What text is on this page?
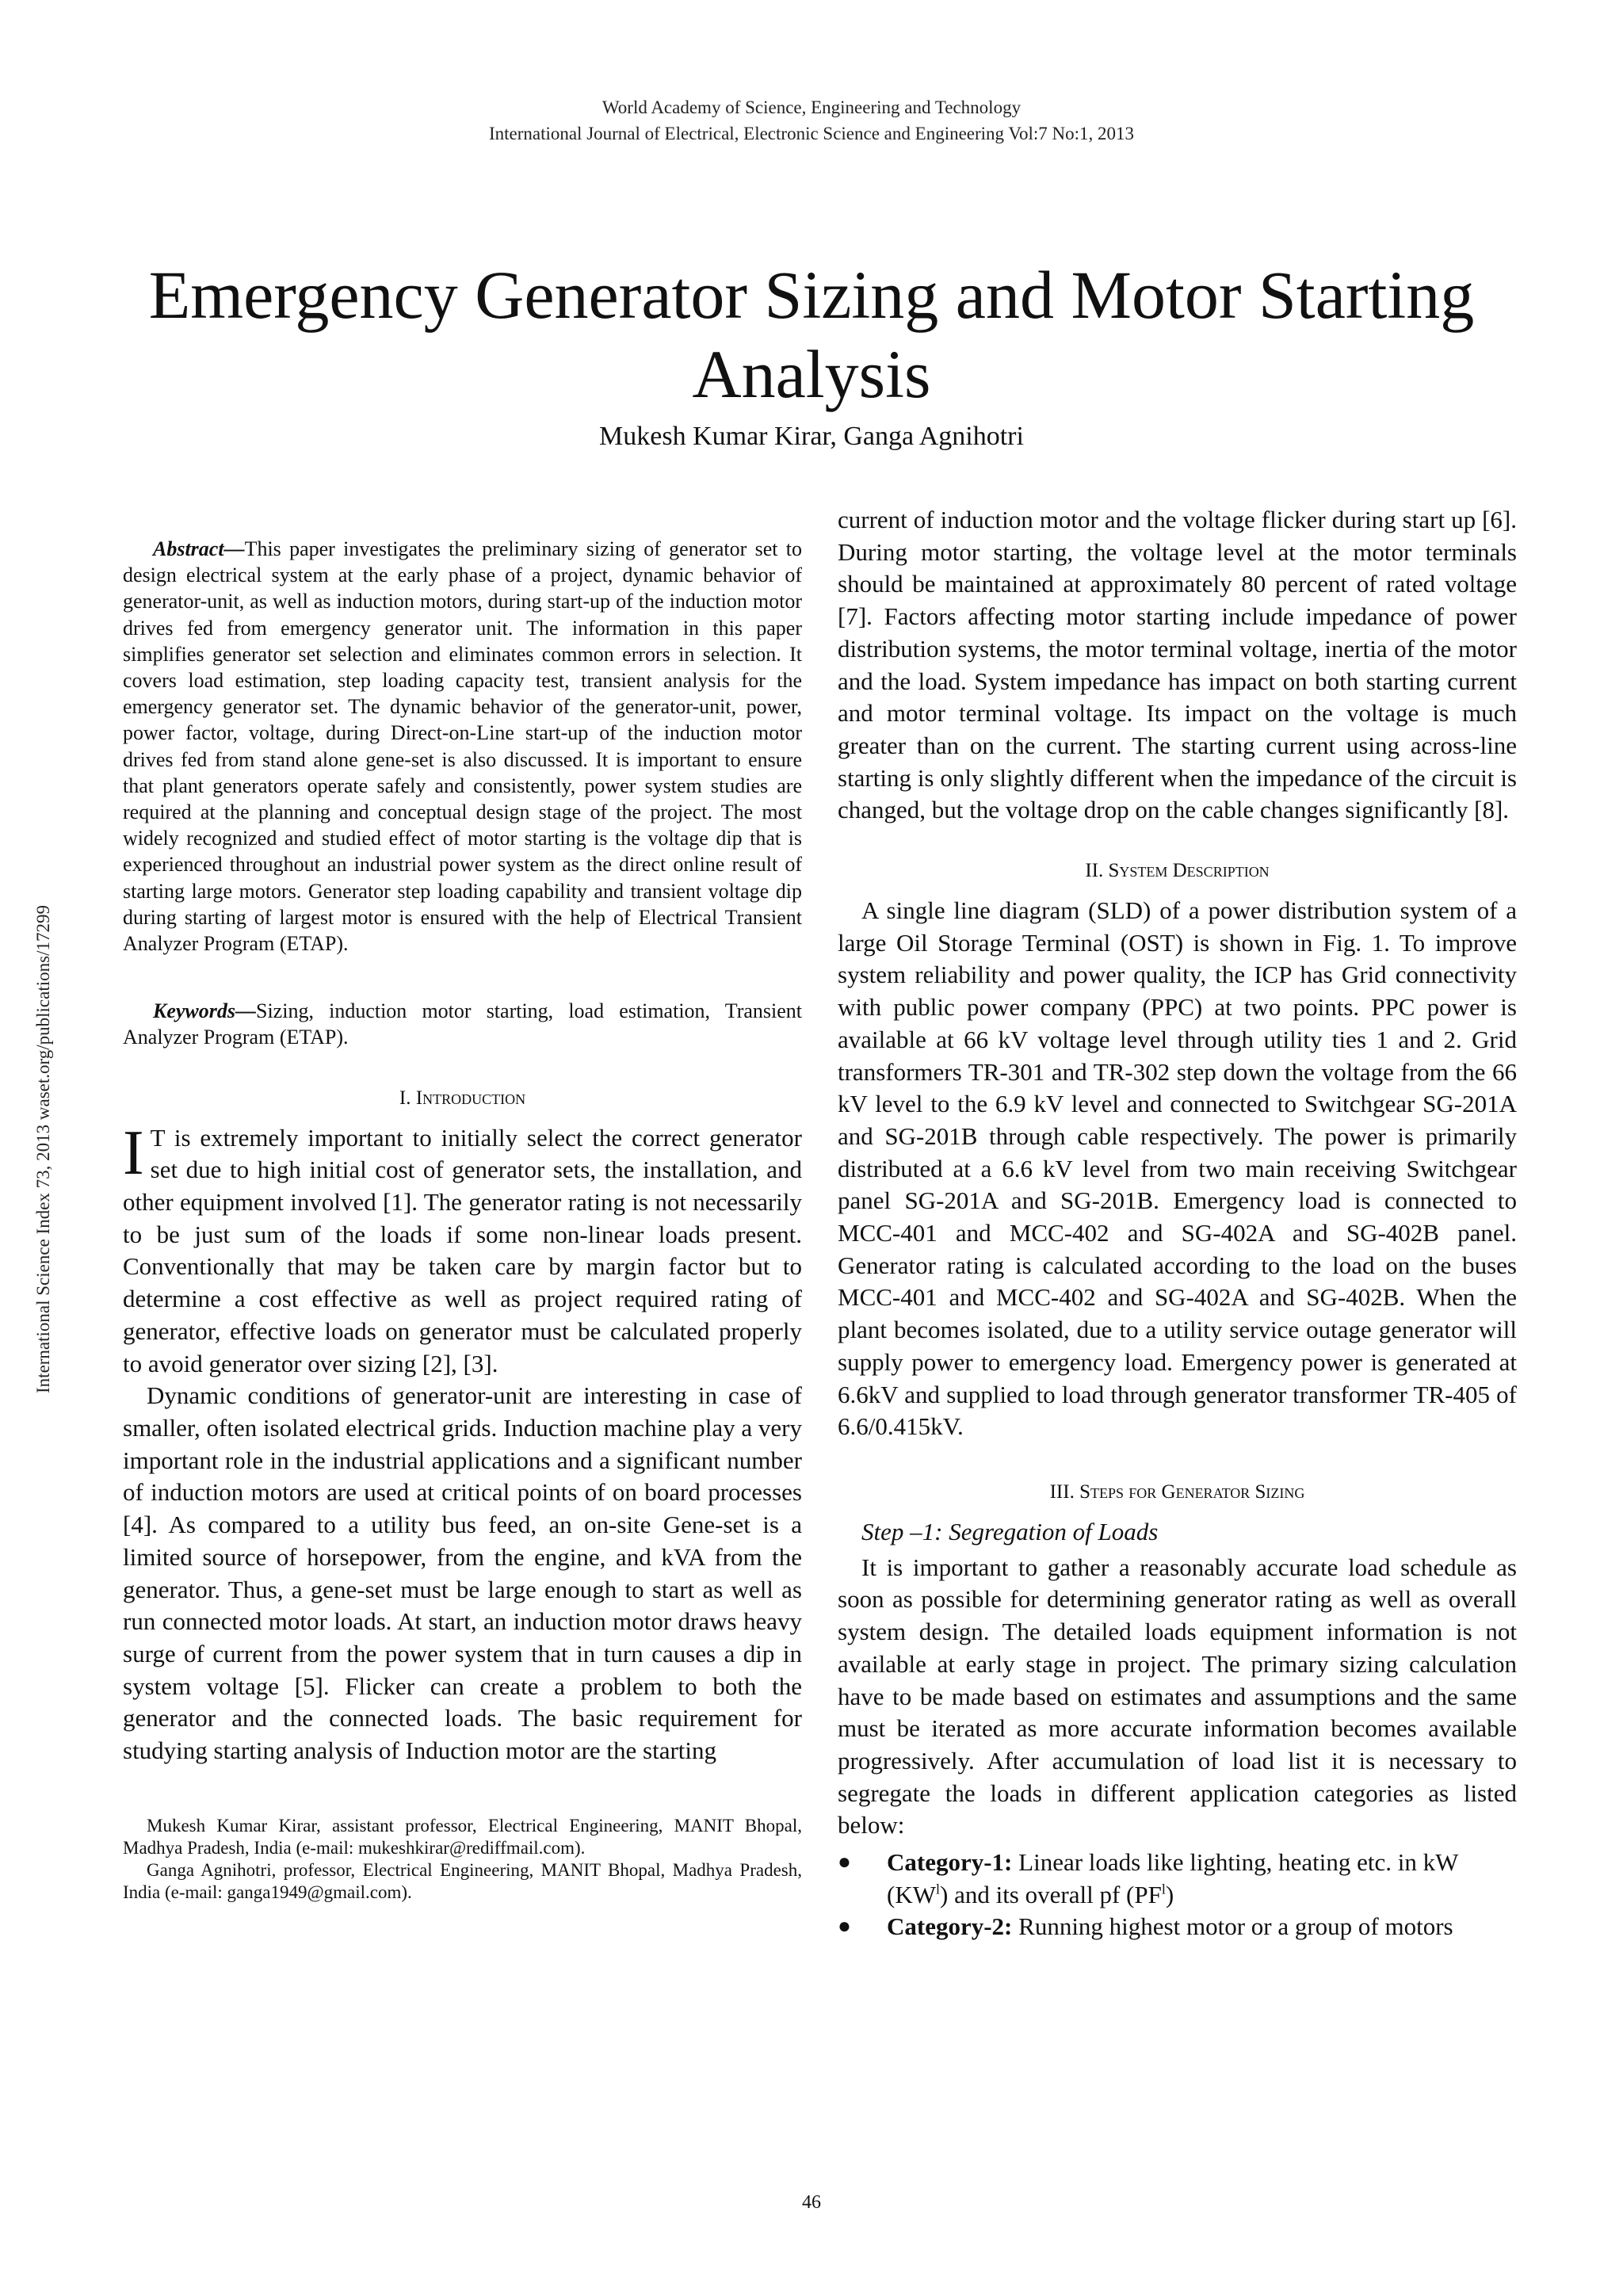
World Academy of Science, Engineering and Technology
International Journal of Electrical, Electronic Science and Engineering Vol:7 No:1, 2013
Emergency Generator Sizing and Motor Starting
Analysis
Mukesh Kumar Kirar, Ganga Agnihotri
International Science Index 73, 2013 waset.org/publications/17299

Abstract—This paper investigates the preliminary sizing of generator set to design electrical system at the early phase of a project, dynamic behavior of generator-unit, as well as induction motors, during start-up of the induction motor drives fed from emergency generator unit. The information in this paper simplifies generator set selection and eliminates common errors in selection. It covers load estimation, step loading capacity test, transient analysis for the emergency generator set. The dynamic behavior of the generator-unit, power, power factor, voltage, during Direct-on-Line start-up of the induction motor drives fed from stand alone gene-set is also discussed. It is important to ensure that plant generators operate safely and consistently, power system studies are required at the planning and conceptual design stage of the project. The most widely recognized and studied effect of motor starting is the voltage dip that is experienced throughout an industrial power system as the direct online result of starting large motors. Generator step loading capability and transient voltage dip during starting of largest motor is ensured with the help of Electrical Transient Analyzer Program (ETAP).

Keywords—Sizing, induction motor starting, load estimation, Transient Analyzer Program (ETAP).

I. Introduction

I T is extremely important to initially select the correct generator set due to high initial cost of generator sets, the installation, and other equipment involved [1]. The generator rating is not necessarily to be just sum of the loads if some non-linear loads present. Conventionally that may be taken care by margin factor but to determine a cost effective as well as project required rating of generator, effective loads on generator must be calculated properly to avoid generator over sizing [2], [3].

Dynamic conditions of generator-unit are interesting in case of smaller, often isolated electrical grids. Induction machine play a very important role in the industrial applications and a significant number of induction motors are used at critical points of on board processes [4]. As compared to a utility bus feed, an on-site Gene-set is a limited source of horsepower, from the engine, and kVA from the generator. Thus, a gene-set must be large enough to start as well as run connected motor loads. At start, an induction motor draws heavy surge of current from the power system that in turn causes a dip in system voltage [5]. Flicker can create a problem to both the generator and the connected loads. The basic requirement for studying starting analysis of Induction motor are the starting

Mukesh Kumar Kirar, assistant professor, Electrical Engineering, MANIT Bhopal, Madhya Pradesh, India (e-mail: mukeshkirar@rediffmail.com).

Ganga Agnihotri, professor, Electrical Engineering, MANIT Bhopal, Madhya Pradesh, India (e-mail: ganga1949@gmail.com).

current of induction motor and the voltage flicker during start up [6]. During motor starting, the voltage level at the motor terminals should be maintained at approximately 80 percent of rated voltage [7]. Factors affecting motor starting include impedance of power distribution systems, the motor terminal voltage, inertia of the motor and the load. System impedance has impact on both starting current and motor terminal voltage. Its impact on the voltage is much greater than on the current. The starting current using across-line starting is only slightly different when the impedance of the circuit is changed, but the voltage drop on the cable changes significantly [8].

II. System Description

A single line diagram (SLD) of a power distribution system of a large Oil Storage Terminal (OST) is shown in Fig. 1. To improve system reliability and power quality, the ICP has Grid connectivity with public power company (PPC) at two points. PPC power is available at 66 kV voltage level through utility ties 1 and 2. Grid transformers TR-301 and TR-302 step down the voltage from the 66 kV level to the 6.9 kV level and connected to Switchgear SG-201A and SG-201B through cable respectively. The power is primarily distributed at a 6.6 kV level from two main receiving Switchgear panel SG-201A and SG-201B. Emergency load is connected to MCC-401 and MCC-402 and SG-402A and SG-402B panel. Generator rating is calculated according to the load on the buses MCC-401 and MCC-402 and SG-402A and SG-402B. When the plant becomes isolated, due to a utility service outage generator will supply power to emergency load. Emergency power is generated at 6.6kV and supplied to load through generator transformer TR-405 of 6.6/0.415kV.

III. Steps for Generator Sizing
Step –1: Segregation of Loads

It is important to gather a reasonably accurate load schedule as soon as possible for determining generator rating as well as overall system design. The detailed loads equipment information is not available at early stage in project. The primary sizing calculation have to be made based on estimates and assumptions and the same must be iterated as more accurate information becomes available progressively. After accumulation of load list it is necessary to segregate the loads in different application categories as listed below:

● Category-1: Linear loads like lighting, heating etc. in kW $(KW^l)$ and its overall pf $(PF^l)$
● Category-2: Running highest motor or a group of motors
46
